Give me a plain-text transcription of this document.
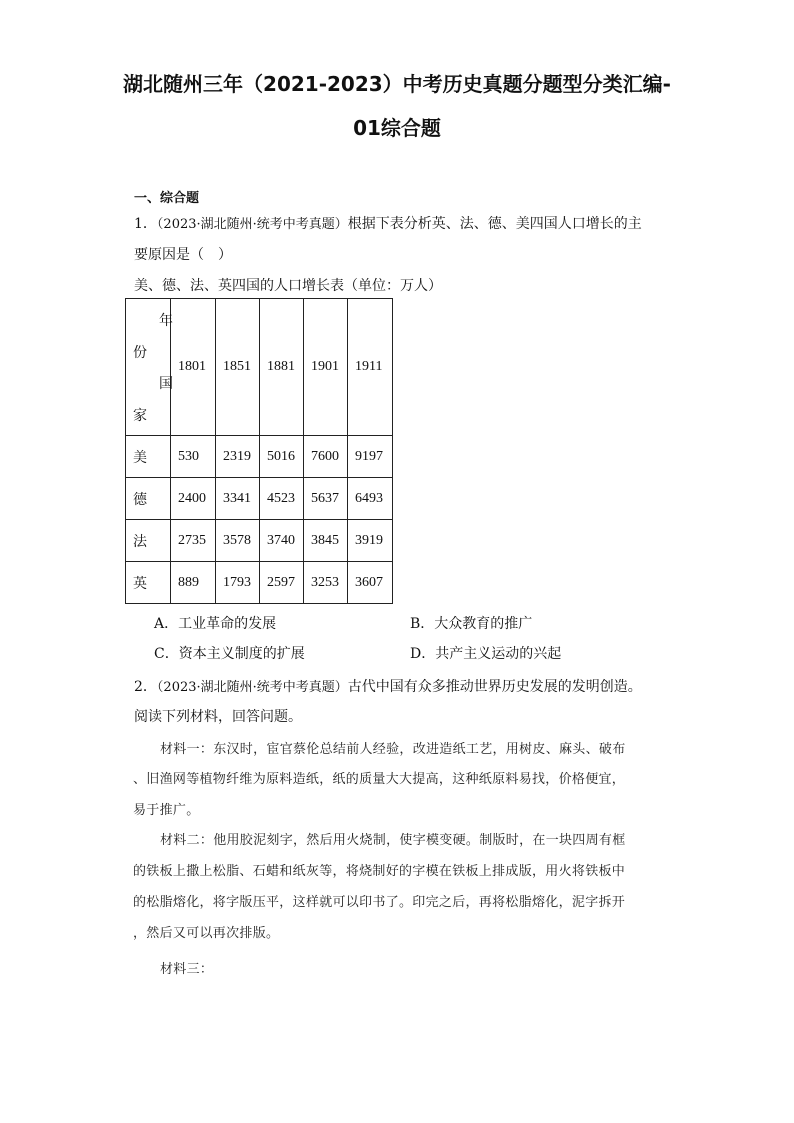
湖北随州三年（2021-2023）中考历史真题分题型分类汇编-
01综合题
一、综合题
1．（2023·湖北随州·统考中考真题）根据下表分析英、法、德、美四国人口增长的主
要原因是（　）
美、德、法、英四国的人口增长表（单位：万人）
年
份
国
家	1801	1851	1881	1901	1911
美	530	2319	5016	7600	9197
德	2400	3341	4523	5637	6493
法	2735	3578	3740	3845	3919
英	889	1793	2597	3253	3607
A．工业革命的发展	B．大众教育的推广
C．资本主义制度的扩展	D．共产主义运动的兴起
2．（2023·湖北随州·统考中考真题）古代中国有众多推动世界历史发展的发明创造。
阅读下列材料，回答问题。
材料一：东汉时，宦官蔡伦总结前人经验，改进造纸工艺，用树皮、麻头、破布
、旧渔网等植物纤维为原料造纸，纸的质量大大提高，这种纸原料易找，价格便宜，
易于推广。
材料二：他用胶泥刻字，然后用火烧制，使字模变硬。制版时，在一块四周有框
的铁板上撒上松脂、石蜡和纸灰等，将烧制好的字模在铁板上排成版，用火将铁板中
的松脂熔化，将字版压平，这样就可以印书了。印完之后，再将松脂熔化，泥字拆开
，然后又可以再次排版。
材料三：
